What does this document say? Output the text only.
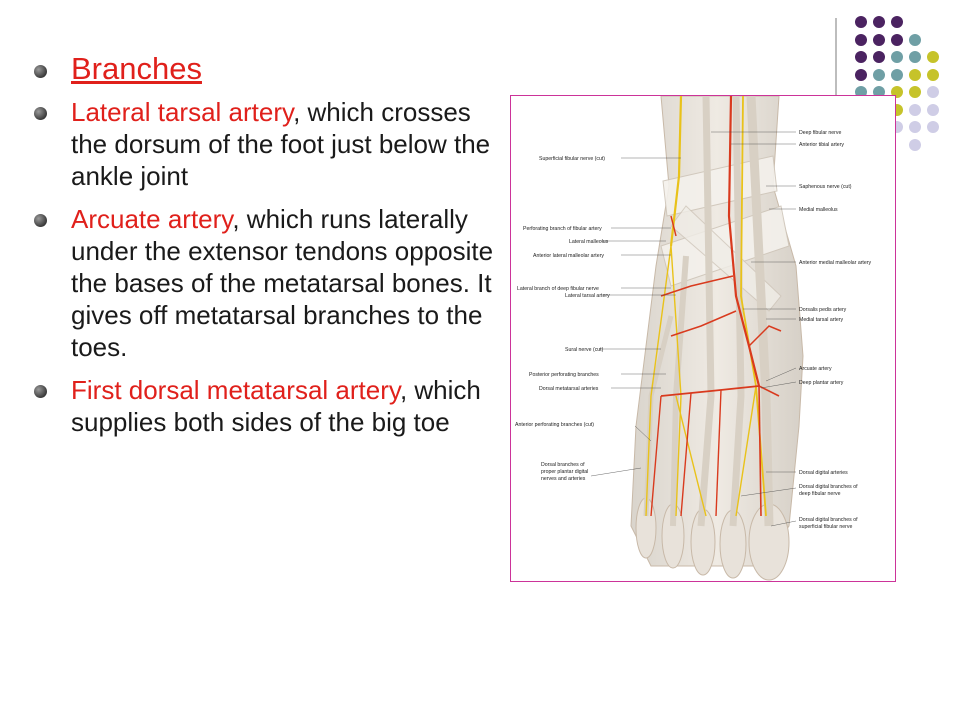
Branches
Lateral tarsal artery, which crosses the dorsum of the foot just below the ankle joint
Arcuate artery, which runs laterally under the extensor tendons opposite the bases of the metatarsal bones. It gives off metatarsal branches to the toes.
First dorsal metatarsal artery, which supplies both sides of the big toe
Superficial fibular nerve (cut)
Perforating branch of fibular artery
Lateral malleolus
Anterior lateral malleolar artery
Lateral branch of deep fibular nerve
Lateral tarsal artery
Sural nerve (cut)
Posterior perforating branches
Dorsal metatarsal arteries
Anterior perforating branches (cut)
Dorsal branches of
proper plantar digital
nerves and arteries
Deep fibular nerve
Anterior tibial artery
Saphenous nerve (cut)
Medial malleolus
Anterior medial malleolar artery
Dorsalis pedis artery
Medial tarsal artery
Arcuate artery
Deep plantar artery
Dorsal digital arteries
Dorsal digital branches of
deep fibular nerve
Dorsal digital branches of
superficial fibular nerve
